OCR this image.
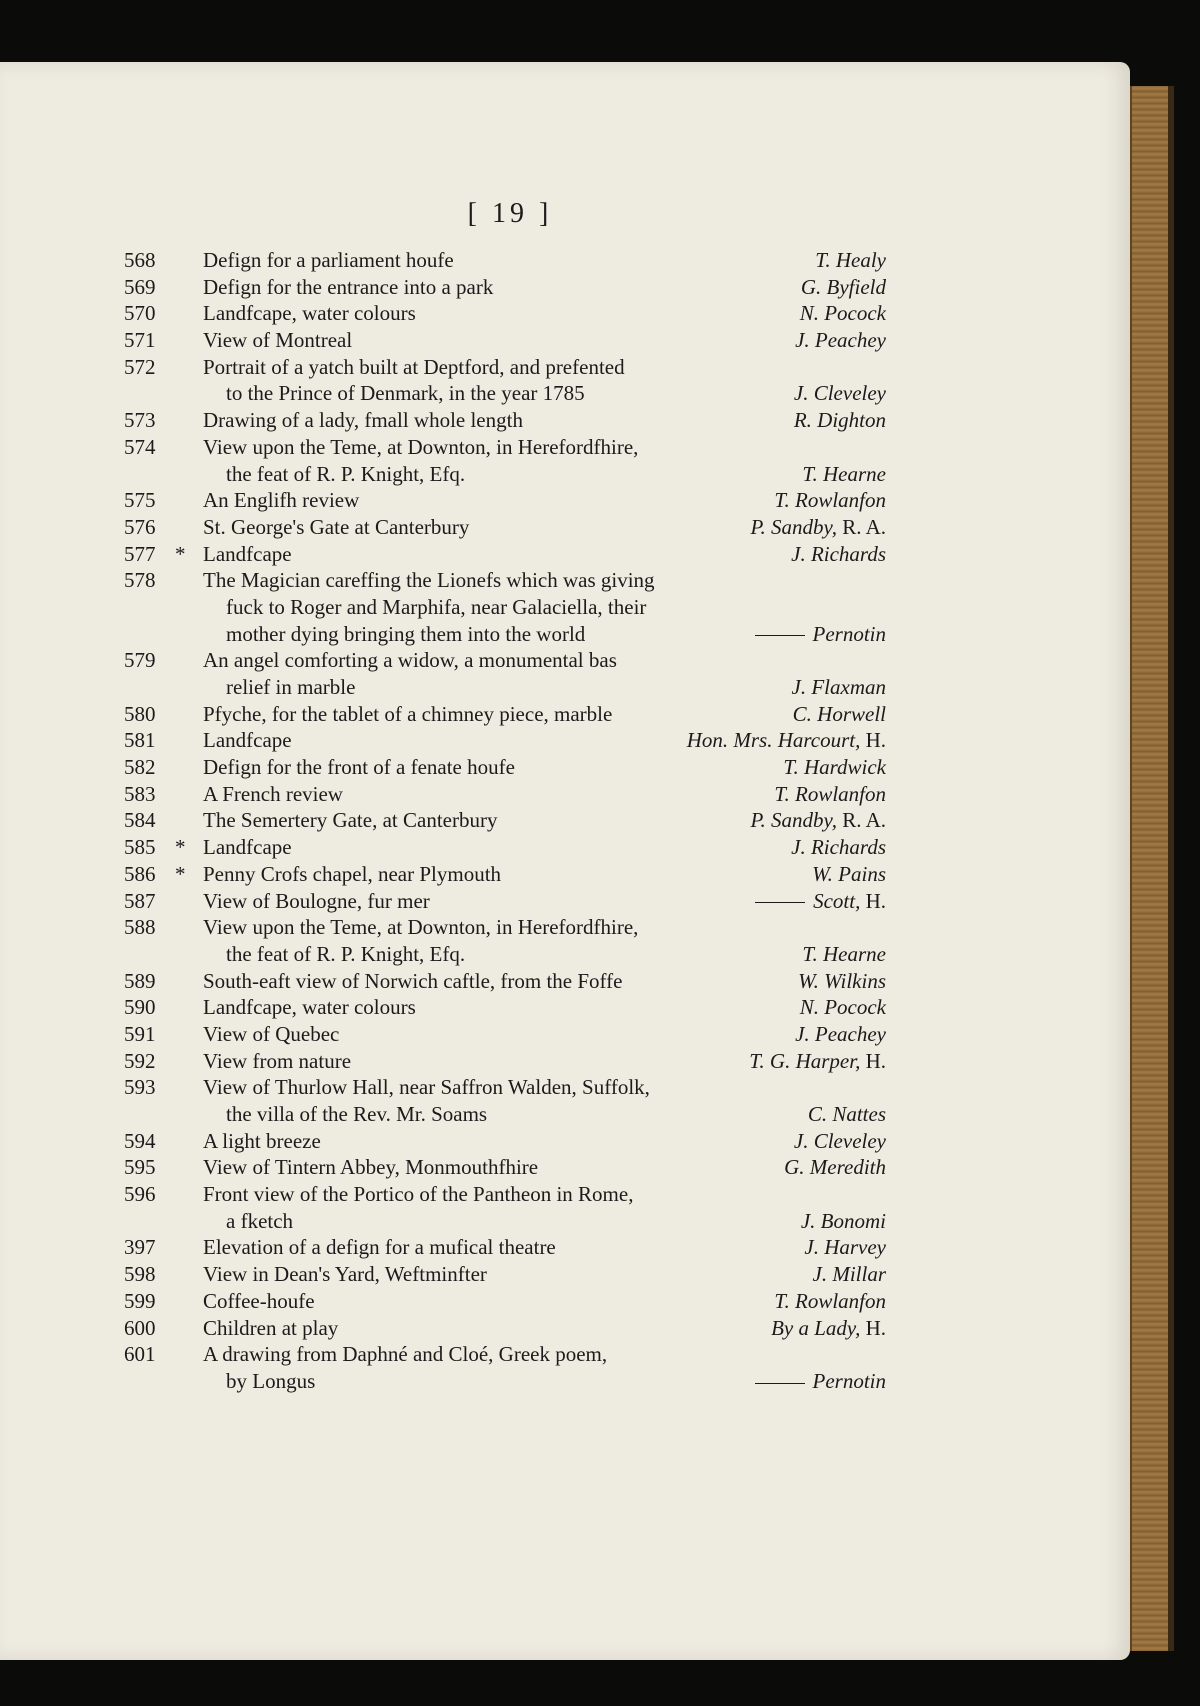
[ 19 ]
568	Defign for a parliament houfe	T. Healy
569	Defign for the entrance into a park	G. Byfield
570	Landfcape, water colours	N. Pocock
571	View of Montreal	J. Peachey
572	Portrait of a yatch built at Deptford, and prefented
to the Prince of Denmark, in the year 1785	J. Cleveley
573	Drawing of a lady, fmall whole length	R. Dighton
574	View upon the Teme, at Downton, in Herefordfhire,
the feat of R. P. Knight, Efq.	T. Hearne
575	An Englifh review	T. Rowlanfon
576	St. George's Gate at Canterbury	P. Sandby, R. A.
577 * Landfcape	J. Richards
578	The Magician careffing the Lionefs which was giving
fuck to Roger and Marphifa, near Galaciella, their
mother dying bringing them into the world	Pernotin
579	An angel comforting a widow, a monumental bas
relief in marble	J. Flaxman
580	Pfyche, for the tablet of a chimney piece, marble	C. Horwell
581	Landfcape	Hon. Mrs. Harcourt, H.
582	Defign for the front of a fenate houfe	T. Hardwick
583	A French review	T. Rowlanfon
584	The Semertery Gate, at Canterbury	P. Sandby, R. A.
585 * Landfcape	J. Richards
586 * Penny Crofs chapel, near Plymouth	W. Pains
587	View of Boulogne, fur mer	Scott, H.
588	View upon the Teme, at Downton, in Herefordfhire,
the feat of R. P. Knight, Efq.	T. Hearne
589	South-eaft view of Norwich caftle, from the Foffe	W. Wilkins
590	Landfcape, water colours	N. Pocock
591	View of Quebec	J. Peachey
592	View from nature	T. G. Harper, H.
593	View of Thurlow Hall, near Saffron Walden, Suffolk,
the villa of the Rev. Mr. Soams	C. Nattes
594	A light breeze	J. Cleveley
595	View of Tintern Abbey, Monmouthfhire	G. Meredith
596	Front view of the Portico of the Pantheon in Rome,
a fketch	J. Bonomi
397	Elevation of a defign for a mufical theatre	J. Harvey
598	View in Dean's Yard, Weftminfter	J. Millar
599	Coffee-houfe	T. Rowlanfon
600	Children at play	By a Lady, H.
601	A drawing from Daphné and Cloé, Greek poem,
by Longus	Pernotin
